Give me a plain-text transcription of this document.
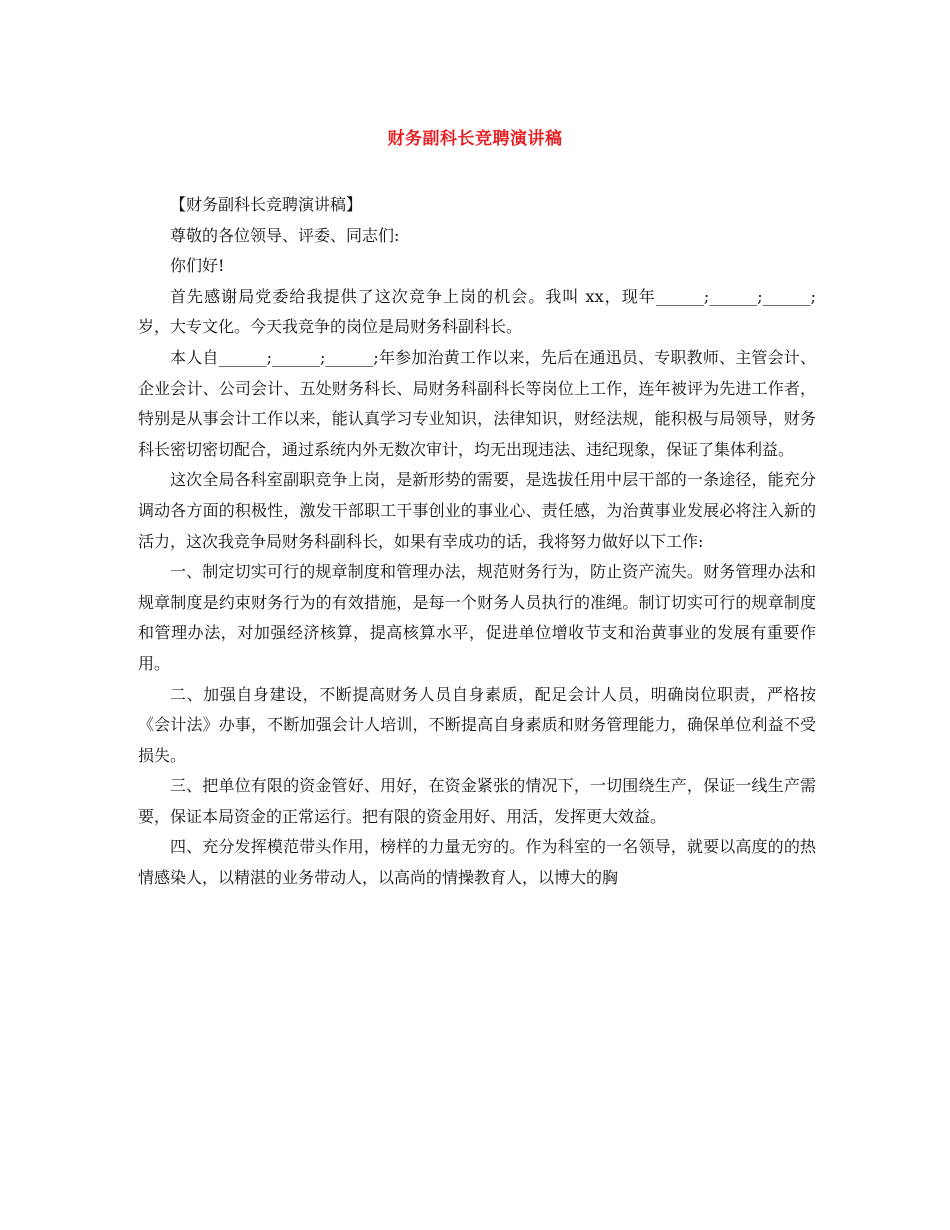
财务副科长竞聘演讲稿

【财务副科长竞聘演讲稿】

尊敬的各位领导、评委、同志们:

你们好!

首先感谢局党委给我提供了这次竞争上岗的机会。我叫 xx，现年______;______;______;岁，大专文化。今天我竞争的岗位是局财务科副科长。

本人自______;______;______;年参加治黄工作以来，先后在通迅员、专职教师、主管会计、企业会计、公司会计、五处财务科长、局财务科副科长等岗位上工作，连年被评为先进工作者，特别是从事会计工作以来，能认真学习专业知识，法律知识，财经法规，能积极与局领导，财务科长密切密切配合，通过系统内外无数次审计，均无出现违法、违纪现象，保证了集体利益。

这次全局各科室副职竞争上岗，是新形势的需要，是选拔任用中层干部的一条途径，能充分调动各方面的积极性，激发干部职工干事创业的事业心、责任感，为治黄事业发展必将注入新的活力，这次我竞争局财务科副科长，如果有幸成功的话，我将努力做好以下工作:

一、制定切实可行的规章制度和管理办法，规范财务行为，防止资产流失。财务管理办法和规章制度是约束财务行为的有效措施，是每一个财务人员执行的准绳。制订切实可行的规章制度和管理办法，对加强经济核算，提高核算水平，促进单位增收节支和治黄事业的发展有重要作用。

二、加强自身建设，不断提高财务人员自身素质，配足会计人员，明确岗位职责，严格按《会计法》办事，不断加强会计人培训，不断提高自身素质和财务管理能力，确保单位利益不受损失。

三、把单位有限的资金管好、用好，在资金紧张的情况下，一切围绕生产，保证一线生产需要，保证本局资金的正常运行。把有限的资金用好、用活，发挥更大效益。

四、充分发挥模范带头作用，榜样的力量无穷的。作为科室的一名领导，就要以高度的的热情感染人，以精湛的业务带动人，以高尚的情操教育人，以博大的胸
